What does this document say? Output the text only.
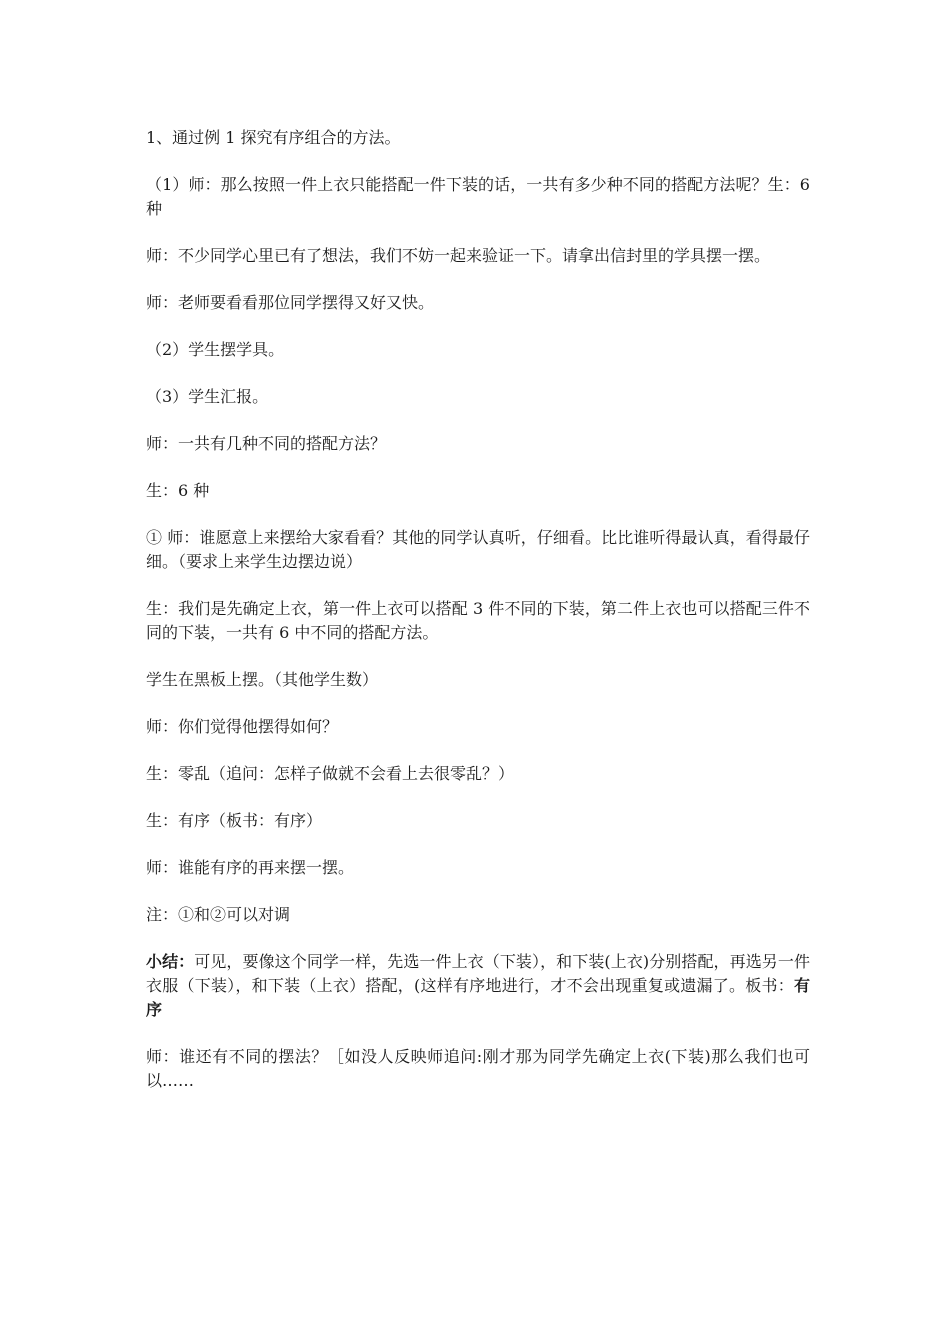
1、通过例 1 探究有序组合的方法。

（1）师：那么按照一件上衣只能搭配一件下装的话，一共有多少种不同的搭配方法呢？生：6 种

师：不少同学心里已有了想法，我们不妨一起来验证一下。请拿出信封里的学具摆一摆。

师：老师要看看那位同学摆得又好又快。

（2）学生摆学具。

（3）学生汇报。

师：一共有几种不同的搭配方法？

生：6 种

① 师：谁愿意上来摆给大家看看？其他的同学认真听，仔细看。比比谁听得最认真，看得最仔细。（要求上来学生边摆边说）

生：我们是先确定上衣，第一件上衣可以搭配 3 件不同的下装，第二件上衣也可以搭配三件不同的下装，一共有 6 中不同的搭配方法。

学生在黑板上摆。（其他学生数）

师：你们觉得他摆得如何？

生：零乱（追问：怎样子做就不会看上去很零乱？）

生：有序（板书：有序）

师：谁能有序的再来摆一摆。

注：①和②可以对调

小结：可见，要像这个同学一样，先选一件上衣（下装），和下装(上衣)分别搭配，再选另一件衣服（下装），和下装（上衣）搭配，(这样有序地进行，才不会出现重复或遗漏了。板书：有序

师：谁还有不同的摆法？［如没人反映师追问:刚才那为同学先确定上衣(下装)那么我们也可以……
